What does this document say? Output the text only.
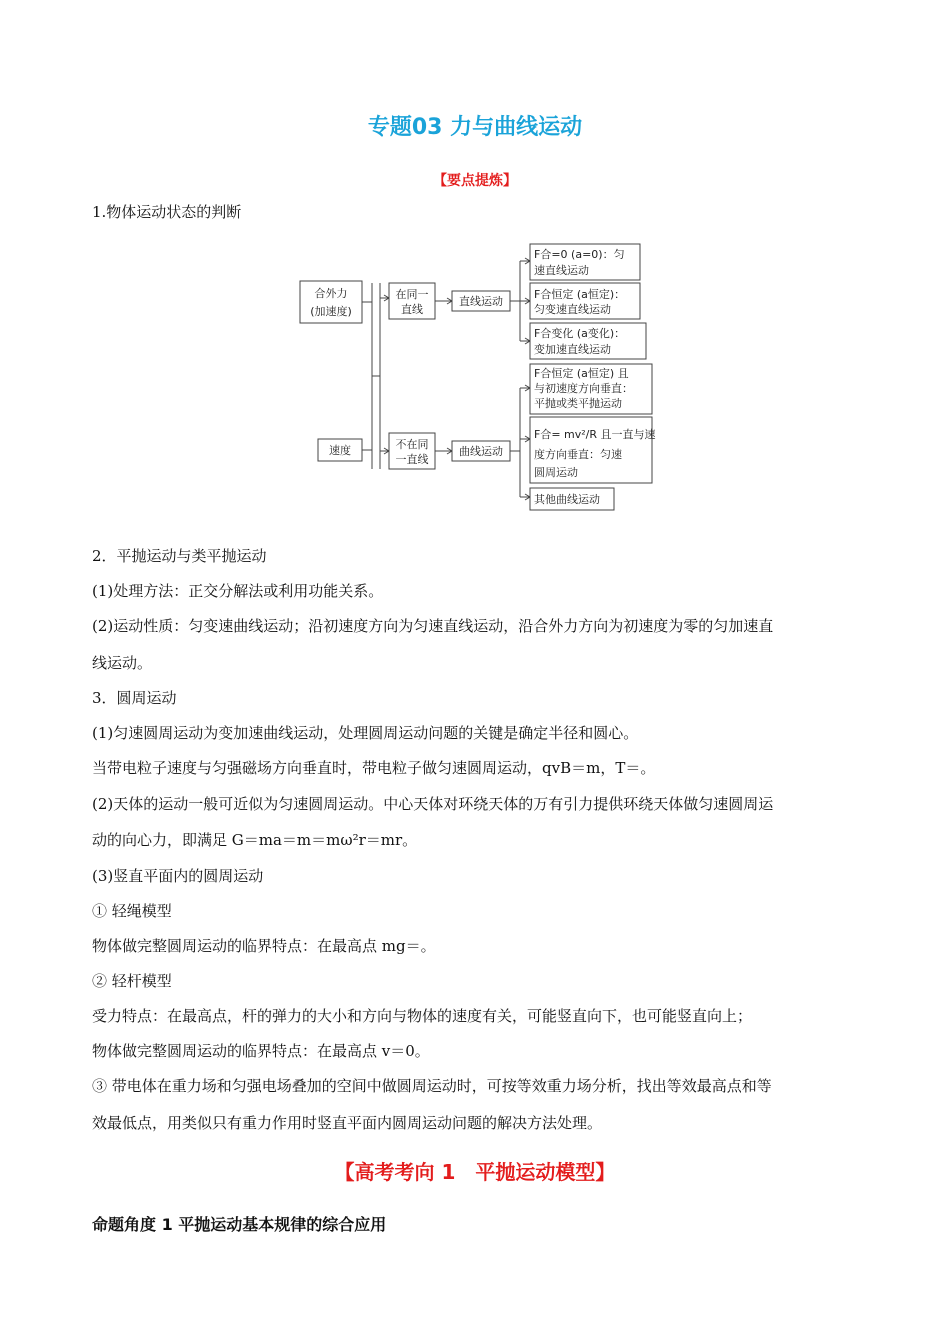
专题03 力与曲线运动
【要点提炼】
1.物体运动状态的判断
合外力
(加速度)
速度
在同一
直线
不在同
一直线
直线运动
曲线运动
F合=0 (a=0)：匀
速直线运动
F合恒定 (a恒定)：
匀变速直线运动
F合变化 (a变化)：
变加速直线运动
F合恒定 (a恒定) 且
与初速度方向垂直：
平抛或类平抛运动
F合= mv²/R 且一直与速
度方向垂直：匀速
圆周运动
其他曲线运动
2．平抛运动与类平抛运动
(1)处理方法：正交分解法或利用功能关系。
(2)运动性质：匀变速曲线运动；沿初速度方向为匀速直线运动，沿合外力方向为初速度为零的匀加速直
线运动。
3．圆周运动
(1)匀速圆周运动为变加速曲线运动，处理圆周运动问题的关键是确定半径和圆心。
当带电粒子速度与匀强磁场方向垂直时，带电粒子做匀速圆周运动，qvB＝m，T＝。
(2)天体的运动一般可近似为匀速圆周运动。中心天体对环绕天体的万有引力提供环绕天体做匀速圆周运
动的向心力，即满足 G＝ma＝m＝mω²r＝mr。
(3)竖直平面内的圆周运动
① 轻绳模型
物体做完整圆周运动的临界特点：在最高点 mg＝。
② 轻杆模型
受力特点：在最高点，杆的弹力的大小和方向与物体的速度有关，可能竖直向下，也可能竖直向上；
物体做完整圆周运动的临界特点：在最高点 v＝0。
③ 带电体在重力场和匀强电场叠加的空间中做圆周运动时，可按等效重力场分析，找出等效最高点和等
效最低点，用类似只有重力作用时竖直平面内圆周运动问题的解决方法处理。
【高考考向 1　平抛运动模型】
命题角度 1 平抛运动基本规律的综合应用
